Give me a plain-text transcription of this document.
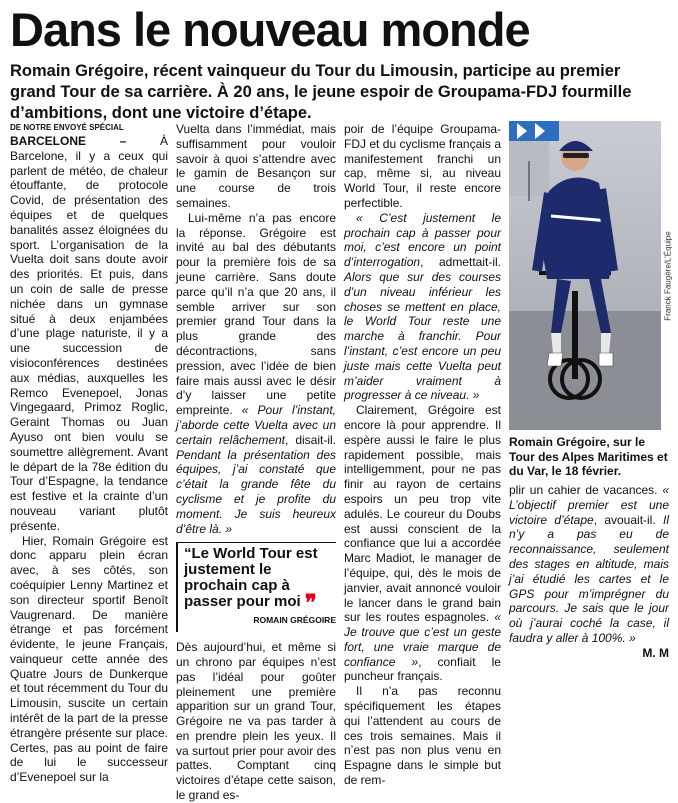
Dans le nouveau monde
Romain Grégoire, récent vainqueur du Tour du Limousin, participe au premier grand Tour de sa carrière. À 20 ans, le jeune espoir de Groupama-FDJ fourmille d’ambitions, dont une victoire d’étape.
DE NOTRE ENVOYÉ SPÉCIAL

BARCELONE – À Barcelone, il y a ceux qui parlent de météo, de chaleur étouffante, de protocole Covid, de présentation des équipes et de quelques banalités assez éloignées du sport. L’organisation de la Vuelta doit sans doute avoir des priorités. Et puis, dans un coin de salle de presse nichée dans un gymnase situé à deux enjambées d’une plage naturiste, il y a une succession de visioconférences destinées aux médias, auxquelles les Remco Evenepoel, Jonas Vingegaard, Primoz Roglic, Geraint Thomas ou Juan Ayuso ont bien voulu se soumettre allègrement. Avant le départ de la 78e édition du Tour d’Espagne, la tendance est festive et la crainte d’un nouveau variant plutôt présente.

Hier, Romain Grégoire est donc apparu plein écran avec, à ses côtés, son coéquipier Lenny Martinez et son directeur sportif Benoît Vaugrenard. De manière étrange et pas forcément évidente, le jeune Français, vainqueur cette année des Quatre Jours de Dunkerque et tout récemment du Tour du Limousin, suscite un certain intérêt de la part de la presse étrangère présente sur place. Certes, pas au point de faire de lui le successeur d’Evenepoel sur la

Vuelta dans l’immédiat, mais suffisamment pour vouloir savoir à quoi s’attendre avec le gamin de Besançon sur une course de trois semaines.

Lui-même n’a pas encore la réponse. Grégoire est invité au bal des débutants pour la première fois de sa jeune carrière. Sans doute parce qu’il n’a que 20 ans, il semble arriver sur son premier grand Tour dans la plus grande des décontractions, sans pression, avec l’idée de bien faire mais aussi avec le désir d’y laisser une petite empreinte. « Pour l’instant, j’aborde cette Vuelta avec un certain relâchement, disait-il. Pendant la présentation des équipes, j’ai constaté que c’était la grande fête du cyclisme et je profite du moment. Je suis heureux d’être là. »

“Le World Tour est justement le prochain cap à passer pour moi ❞
ROMAIN GRÉGOIRE

Dès aujourd’hui, et même si un chrono par équipes n’est pas l’idéal pour goûter pleinement une première apparition sur un grand Tour, Grégoire ne va pas tarder à en prendre plein les yeux. Il va surtout prier pour avoir des pattes. Comptant cinq victoires d’étape cette saison, le grand es-

poir de l’équipe Groupama-FDJ et du cyclisme français a manifestement franchi un cap, même si, au niveau World Tour, il reste encore perfectible.

« C’est justement le prochain cap à passer pour moi, c’est encore un point d’interrogation, admettait-il. Alors que sur des courses d’un niveau inférieur les choses se mettent en place, le World Tour reste une marche à franchir. Pour l’instant, c’est encore un peu juste mais cette Vuelta peut m’aider vraiment à progresser à ce niveau. »

Clairement, Grégoire est encore là pour apprendre. Il espère aussi le faire le plus rapidement possible, mais intelligemment, pour ne pas finir au rayon de certains espoirs un peu trop vite adulés. Le coureur du Doubs est aussi conscient de la confiance que lui a accordée Marc Madiot, le manager de l’équipe, qui, dès le mois de janvier, avait annoncé vouloir le lancer dans le grand bain sur les routes espagnoles. « Je trouve que c’est un geste fort, une vraie marque de confiance », confiait le puncheur français.

Il n’a pas reconnu spécifiquement les étapes qui l’attendent au cours de ces trois semaines. Mais il n’est pas non plus venu en Espagne dans le simple but de rem-

Franck Faugère/L’Équipe
Romain Grégoire, sur le Tour des Alpes Maritimes et du Var, le 18 février.

plir un cahier de vacances. « L’objectif premier est une victoire d’étape, avouait-il. Il n’y a pas eu de reconnaissance, seulement des stages en altitude, mais j’ai étudié les cartes et le GPS pour m’imprégner du parcours. Je sais que le jour où j’aurai coché la case, il faudra y aller à 100%. »

M. M
